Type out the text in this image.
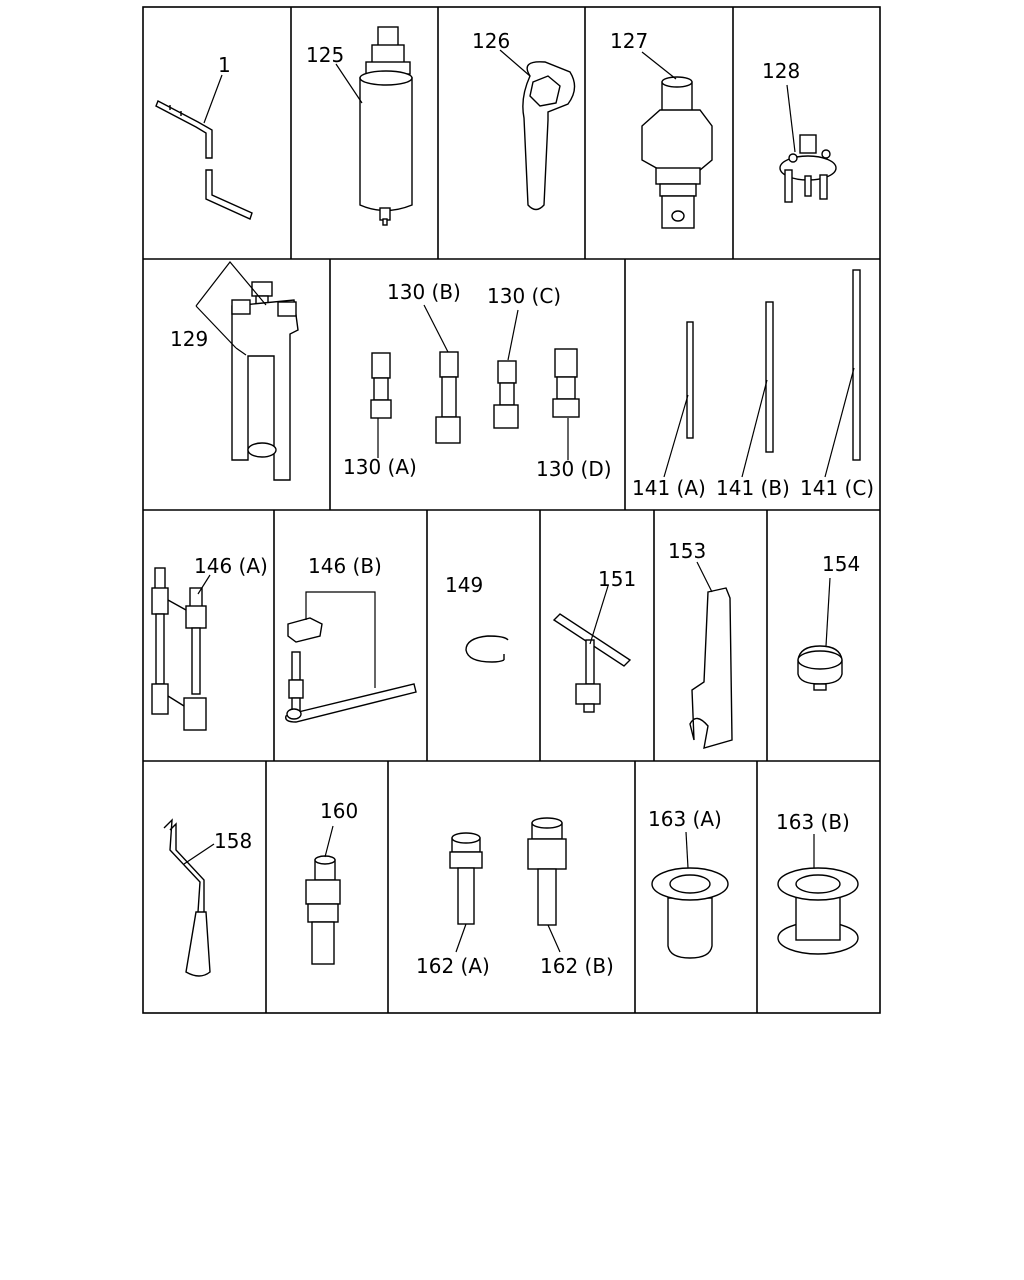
1	125
126	127
128
129
130 (B) 130 (C)
130 (A)	130 (D)
141 (A) 141 (B) 141 (C)
146 (A) 146 (B)
149	151
153
154
158
160
162 (A)	162 (B)
163 (A)	163 (B)
